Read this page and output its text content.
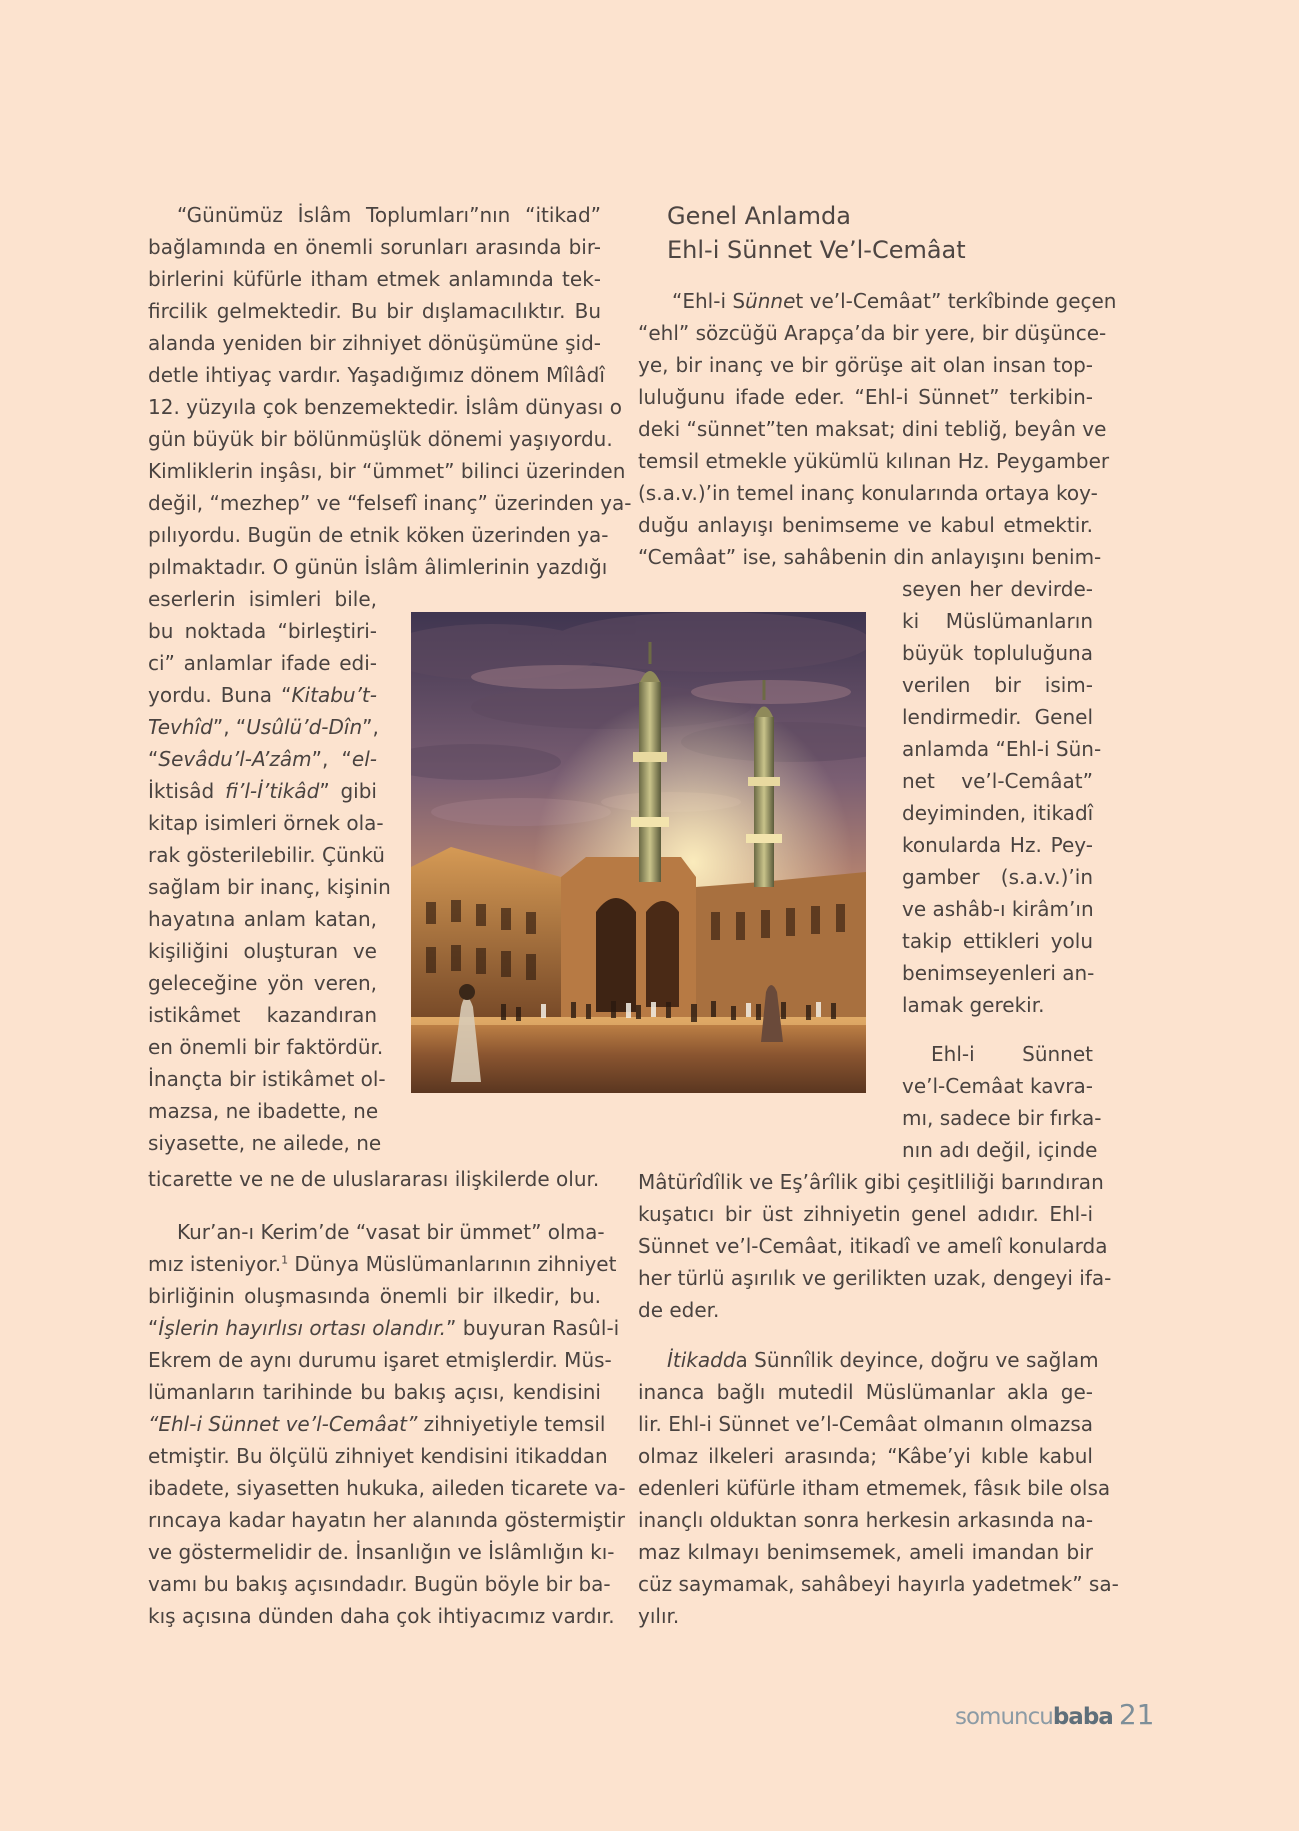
“Günümüz İslâm Toplumları”nın “itikad”

bağlamında en önemli sorunları arasında bir-

birlerini küfürle itham etmek anlamında tek-

fircilik gelmektedir. Bu bir dışlamacılıktır. Bu

alanda yeniden bir zihniyet dönüşümüne şid-

detle ihtiyaç vardır. Yaşadığımız dönem Mîlâdî

12. yüzyıla çok benzemektedir. İslâm dünyası o

gün büyük bir bölünmüşlük dönemi yaşıyordu.

Kimliklerin inşâsı, bir “ümmet” bilinci üzerinden

değil, “mezhep” ve “felsefî inanç” üzerinden ya-

pılıyordu. Bugün de etnik köken üzerinden ya-

pılmaktadır. O günün İslâm âlimlerinin yazdığı

eserlerin isimleri bile,

bu noktada “birleştiri-

ci” anlamlar ifade edi-

yordu. Buna “Kitabu’t-

Tevhîd”, “Usûlü’d-Dîn”,

“Sevâdu’l-A’zâm”, “el-

İktisâd fi’l-İ’tikâd” gibi

kitap isimleri örnek ola-

rak gösterilebilir. Çünkü

sağlam bir inanç, kişinin

hayatına anlam katan,

kişiliğini oluşturan ve

geleceğine yön veren,

istikâmet kazandıran

en önemli bir faktördür.

İnançta bir istikâmet ol-

mazsa, ne ibadette, ne

siyasette, ne ailede, ne

ticarette ve ne de uluslararası ilişkilerde olur.

Kur’an-ı Kerim’de “vasat bir ümmet” olma-

mız isteniyor.$^1$ Dünya Müslümanlarının zihniyet

birliğinin oluşmasında önemli bir ilkedir, bu.

“İşlerin hayırlısı ortası olandır.” buyuran Rasûl-i

Ekrem de aynı durumu işaret etmişlerdir. Müs-

lümanların tarihinde bu bakış açısı, kendisini

“Ehl-i Sünnet ve’l-Cemâat” zihniyetiyle temsil

etmiştir. Bu ölçülü zihniyet kendisini itikaddan

ibadete, siyasetten hukuka, aileden ticarete va-

rıncaya kadar hayatın her alanında göstermiştir

ve göstermelidir de. İnsanlığın ve İslâmlığın kı-

vamı bu bakış açısındadır. Bugün böyle bir ba-

kış açısına dünden daha çok ihtiyacımız vardır.

Genel Anlamda
Ehl-i Sünnet Ve’l-Cemâat

“Ehl-i Sünnet ve’l-Cemâat” terkîbinde geçen

“ehl” sözcüğü Arapça’da bir yere, bir düşünce-

ye, bir inanç ve bir görüşe ait olan insan top-

luluğunu ifade eder. “Ehl-i Sünnet” terkibin-

deki “sünnet”ten maksat; dini tebliğ, beyân ve

temsil etmekle yükümlü kılınan Hz. Peygamber

(s.a.v.)’in temel inanç konularında ortaya koy-

duğu anlayışı benimseme ve kabul etmektir.

“Cemâat” ise, sahâbenin din anlayışını benim-

seyen her devirde-

ki Müslümanların

büyük topluluğuna

verilen bir isim-

lendirmedir. Genel

anlamda “Ehl-i Sün-

net ve’l-Cemâat”

deyiminden, itikadî

konularda Hz. Pey-

gamber (s.a.v.)’in

ve ashâb-ı kirâm’ın

takip ettikleri yolu

benimseyenleri an-

lamak gerekir.

Ehl-i Sünnet

ve’l-Cemâat kavra-

mı, sadece bir fırka-

nın adı değil, içinde

Mâtürîdîlik ve Eş’ârîlik gibi çeşitliliği barındıran

kuşatıcı bir üst zihniyetin genel adıdır. Ehl-i

Sünnet ve’l-Cemâat, itikadî ve amelî konularda

her türlü aşırılık ve gerilikten uzak, dengeyi ifa-

de eder.

İtikadda Sünnîlik deyince, doğru ve sağlam

inanca bağlı mutedil Müslümanlar akla ge-

lir. Ehl-i Sünnet ve’l-Cemâat olmanın olmazsa

olmaz ilkeleri arasında; “Kâbe’yi kıble kabul

edenleri küfürle itham etmemek, fâsık bile olsa

inançlı olduktan sonra herkesin arkasında na-

maz kılmayı benimsemek, ameli imandan bir

cüz saymamak, sahâbeyi hayırla yadetmek” sa-

yılır.

somuncubaba 21
